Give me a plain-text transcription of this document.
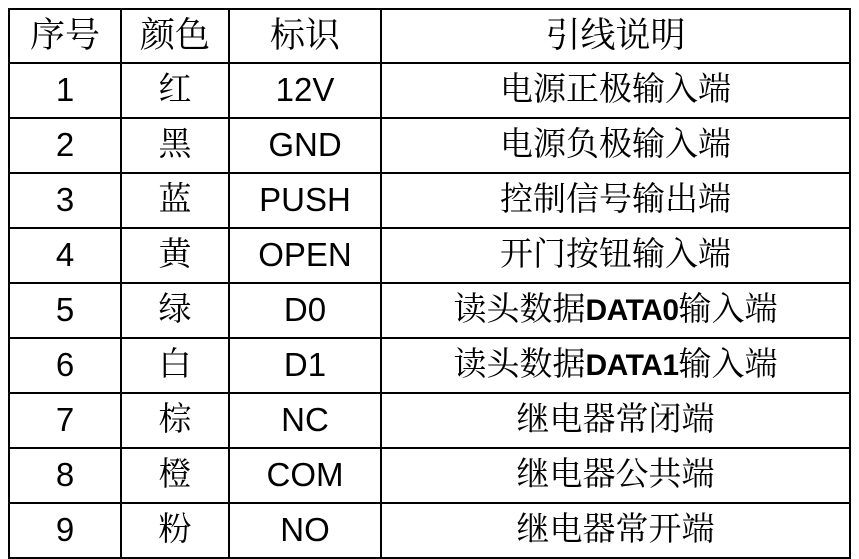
序号	颜色	标识	引线说明
1	红	12V	电源正极输入端
2	黑	GND	电源负极输入端
3	蓝	PUSH	控制信号输出端
4	黄	OPEN	开门按钮输入端
5	绿	D0	读头数据DATA0输入端
6	白	D1	读头数据DATA1输入端
7	棕	NC	继电器常闭端
8	橙	COM	继电器公共端
9	粉	NO	继电器常开端
